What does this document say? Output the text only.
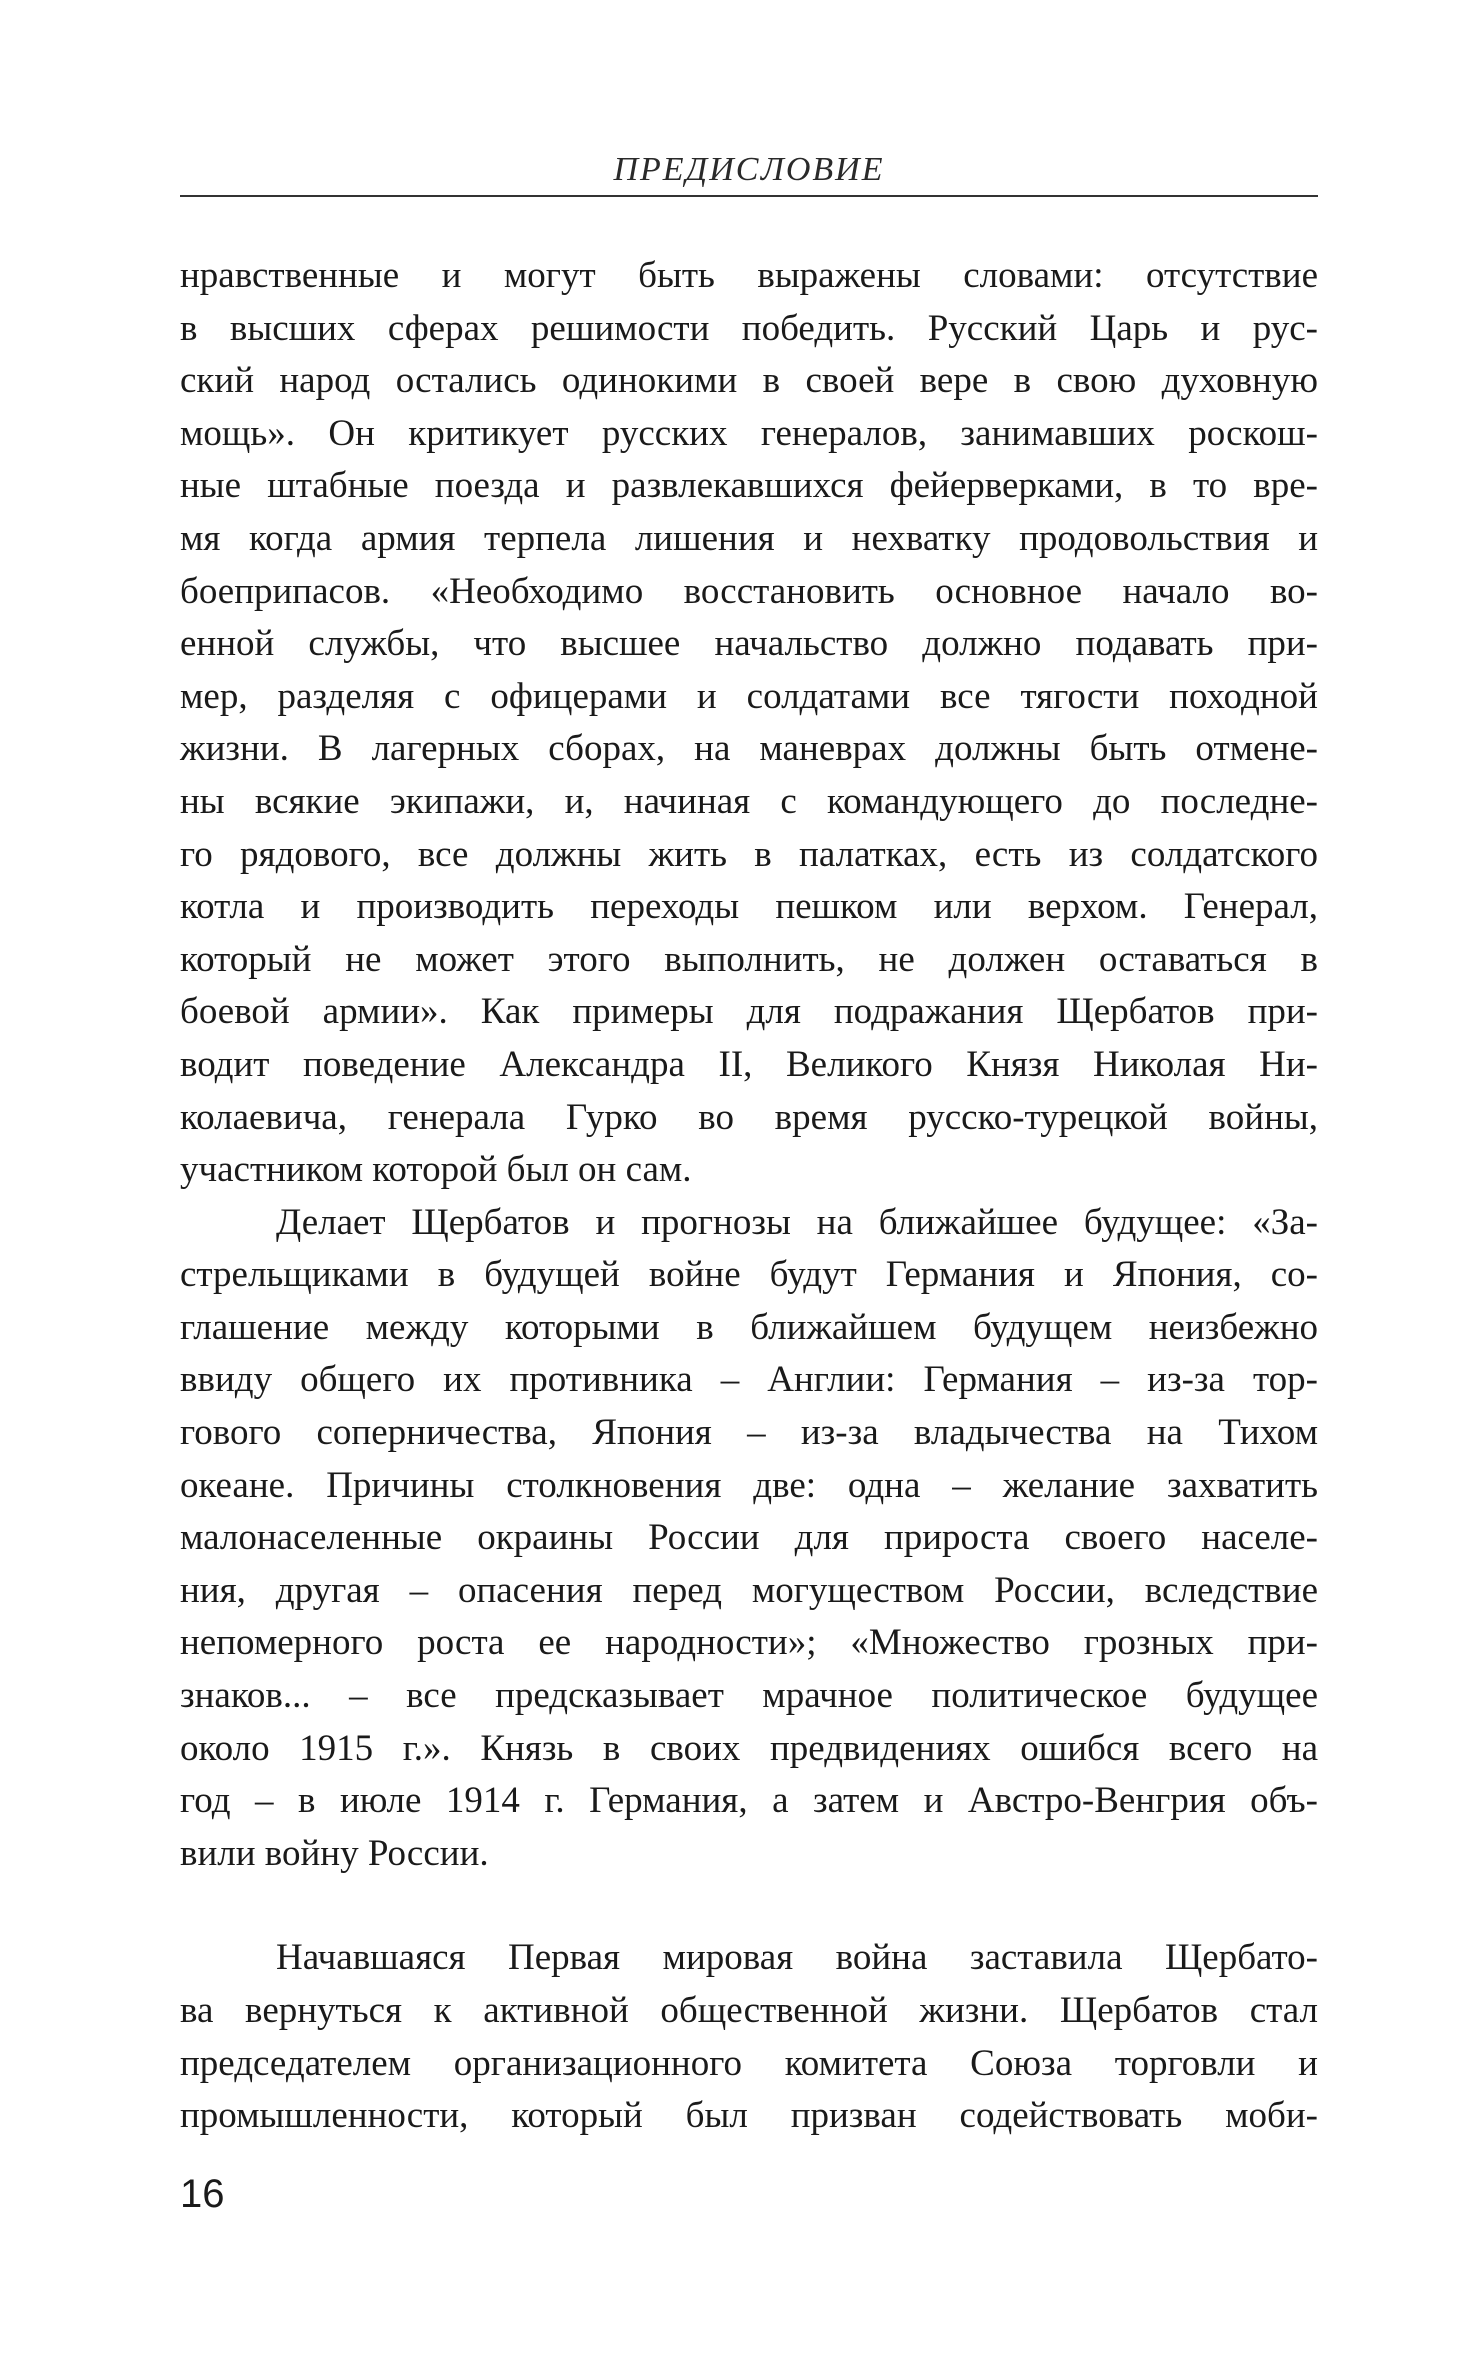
ПРЕДИСЛОВИЕ

нравственные и могут быть выражены словами: отсутствие

в высших сферах решимости победить. Русский Царь и рус-

ский народ остались одинокими в своей вере в свою духовную

мощь». Он критикует русских генералов, занимавших роскош-

ные штабные поезда и развлекавшихся фейерверками, в то вре-

мя когда армия терпела лишения и нехватку продовольствия и

боеприпасов. «Необходимо восстановить основное начало во-

енной службы, что высшее начальство должно подавать при-

мер, разделяя с офицерами и солдатами все тягости походной

жизни. В лагерных сборах, на маневрах должны быть отмене-

ны всякие экипажи, и, начиная с командующего до последне-

го рядового, все должны жить в палатках, есть из солдатского

котла и производить переходы пешком или верхом. Генерал,

который не может этого выполнить, не должен оставаться в

боевой армии». Как примеры для подражания Щербатов при-

водит поведение Александра II, Великого Князя Николая Ни-

колаевича, генерала Гурко во время русско-турецкой войны,

участником которой был он сам.

Делает Щербатов и прогнозы на ближайшее будущее: «За-

стрельщиками в будущей войне будут Германия и Япония, со-

глашение между которыми в ближайшем будущем неизбежно

ввиду общего их противника – Англии: Германия – из-за тор-

гового соперничества, Япония – из-за владычества на Тихом

океане. Причины столкновения две: одна – желание захватить

малонаселенные окраины России для прироста своего населе-

ния, другая – опасения перед могуществом России, вследствие

непомерного роста ее народности»; «Множество грозных при-

знаков... – все предсказывает мрачное политическое будущее

около 1915 г.». Князь в своих предвидениях ошибся всего на

год – в июле 1914 г. Германия, а затем и Австро-Венгрия объ-

вили войну России.

Начавшаяся Первая мировая война заставила Щербато-

ва вернуться к активной общественной жизни. Щербатов стал

председателем организационного комитета Союза торговли и

промышленности, который был призван содействовать моби-

16
